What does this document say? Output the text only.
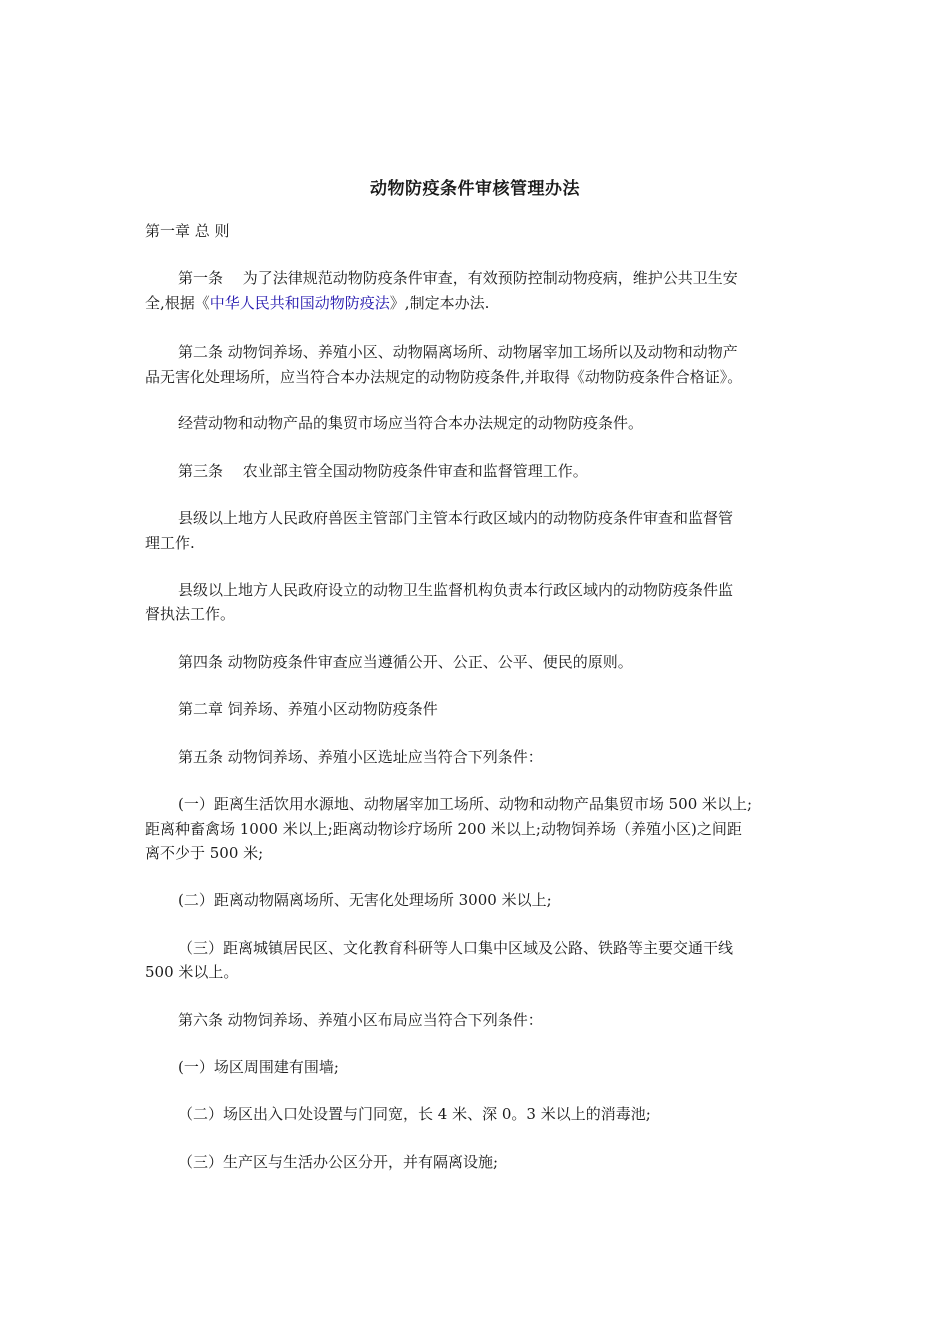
动物防疫条件审核管理办法
第一章 总 则
第一条　 为了法律规范动物防疫条件审查，有效预防控制动物疫病，维护公共卫生安
全,根据《中华人民共和国动物防疫法》,制定本办法.
第二条 动物饲养场、养殖小区、动物隔离场所、动物屠宰加工场所以及动物和动物产
品无害化处理场所，应当符合本办法规定的动物防疫条件,并取得《动物防疫条件合格证》。
经营动物和动物产品的集贸市场应当符合本办法规定的动物防疫条件。
第三条　 农业部主管全国动物防疫条件审查和监督管理工作。
县级以上地方人民政府兽医主管部门主管本行政区域内的动物防疫条件审查和监督管
理工作.
县级以上地方人民政府设立的动物卫生监督机构负责本行政区域内的动物防疫条件监
督执法工作。
第四条 动物防疫条件审查应当遵循公开、公正、公平、便民的原则。
第二章 饲养场、养殖小区动物防疫条件
第五条 动物饲养场、养殖小区选址应当符合下列条件：
(一）距离生活饮用水源地、动物屠宰加工场所、动物和动物产品集贸市场 500 米以上;
距离种畜禽场 1000 米以上;距离动物诊疗场所 200 米以上;动物饲养场（养殖小区)之间距
离不少于 500 米;
(二）距离动物隔离场所、无害化处理场所 3000 米以上;
（三）距离城镇居民区、文化教育科研等人口集中区域及公路、铁路等主要交通干线
500 米以上。
第六条 动物饲养场、养殖小区布局应当符合下列条件：
(一）场区周围建有围墙;
（二）场区出入口处设置与门同宽，长 4 米、深 0。3 米以上的消毒池;
（三）生产区与生活办公区分开，并有隔离设施;
